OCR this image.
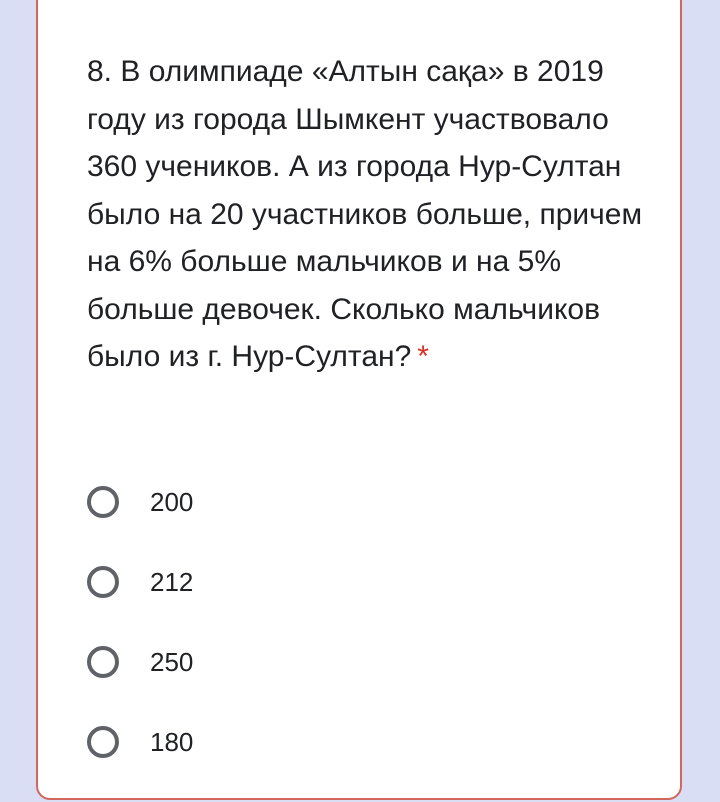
8. В олимпиаде «Алтын сақа» в 2019 году из города Шымкент участвовало 360 учеников. А из города Нур-Султан было на 20 участников больше, причем на 6% больше мальчиков и на 5% больше девочек. Сколько мальчиков было из г. Нур-Султан? *

200
212
250
180
